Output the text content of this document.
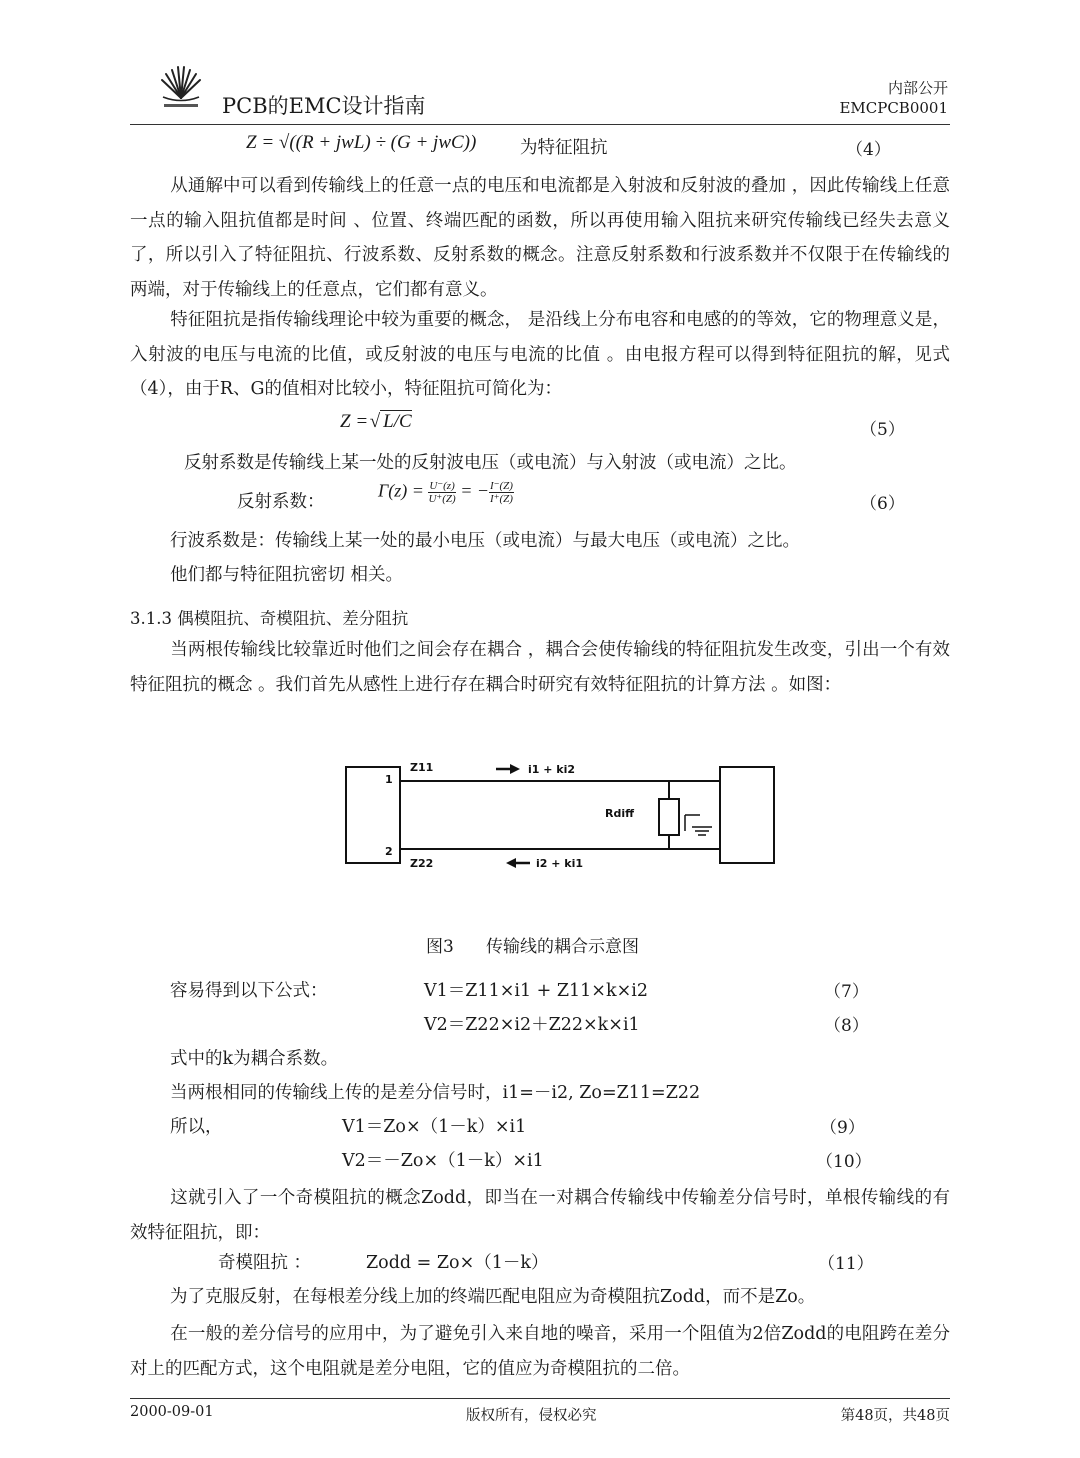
PCB的EMC设计指南
内部公开
EMCPCB0001
Z = √((R + jwL) ÷ (G + jwC)) 为特征阻抗	（4）
从通解中可以看到传输线上的任意一点的电压和电流都是入射波和反射波的叠加 ，因此传输线上任意一点的输入阻抗值都是时间 、位置、终端匹配的函数，所以再使用输入阻抗来研究传输线已经失去意义了，所以引入了特征阻抗、行波系数、反射系数的概念。注意反射系数和行波系数并不仅限于在传输线的两端，对于传输线上的任意点，它们都有意义。
特征阻抗是指传输线理论中较为重要的概念， 是沿线上分布电容和电感的的等效，它的物理意义是，入射波的电压与电流的比值，或反射波的电压与电流的比值 。由电报方程可以得到特征阻抗的解，见式（4），由于R、G的值相对比较小，特征阻抗可简化为：
Z = √ L/C	（5）
反射系数是传输线上某一处的反射波电压（或电流）与入射波（或电流）之比。
反射系数：
$\Gamma(z) = \frac{U^-(z)}{U^+(Z)}$ = − $\frac{I^-(Z)}{I^+(Z)}$	（6）
行波系数是：传输线上某一处的最小电压（或电流）与最大电压（或电流）之比。
他们都与特征阻抗密切 相关。
3.1.3 偶模阻抗、奇模阻抗、差分阻抗
当两根传输线比较靠近时他们之间会存在耦合 ，耦合会使传输线的特征阻抗发生改变，引出一个有效特征阻抗的概念 。我们首先从感性上进行存在耦合时研究有效特征阻抗的计算方法 。如图：
Z11
Z22
1
2
i1 + ki2
i2 + ki1
Rdiff
图3 传输线的耦合示意图
容易得到以下公式：	V1＝Z11×i1 + Z11×k×i2	（7）
V2＝Z22×i2＋Z22×k×i1	（8）
式中的k为耦合系数。
当两根相同的传输线上传的是差分信号时，i1=－i2, Zo=Z11=Z22
所以，	V1＝Zo×（1－k）×i1	（9）
V2＝－Zo×（1－k）×i1	（10）
这就引入了一个奇模阻抗的概念Zodd，即当在一对耦合传输线中传输差分信号时，单根传输线的有效特征阻抗，即：
奇模阻抗 ：	Zodd = Zo×（1－k）	（11）
为了克服反射，在每根差分线上加的终端匹配电阻应为奇模阻抗Zodd，而不是Zo。
在一般的差分信号的应用中，为了避免引入来自地的噪音，采用一个阻值为2倍Zodd的电阻跨在差分对上的匹配方式，这个电阻就是差分电阻，它的值应为奇模阻抗的二倍。
2000-09-01	版权所有，侵权必究	第48页，共48页
